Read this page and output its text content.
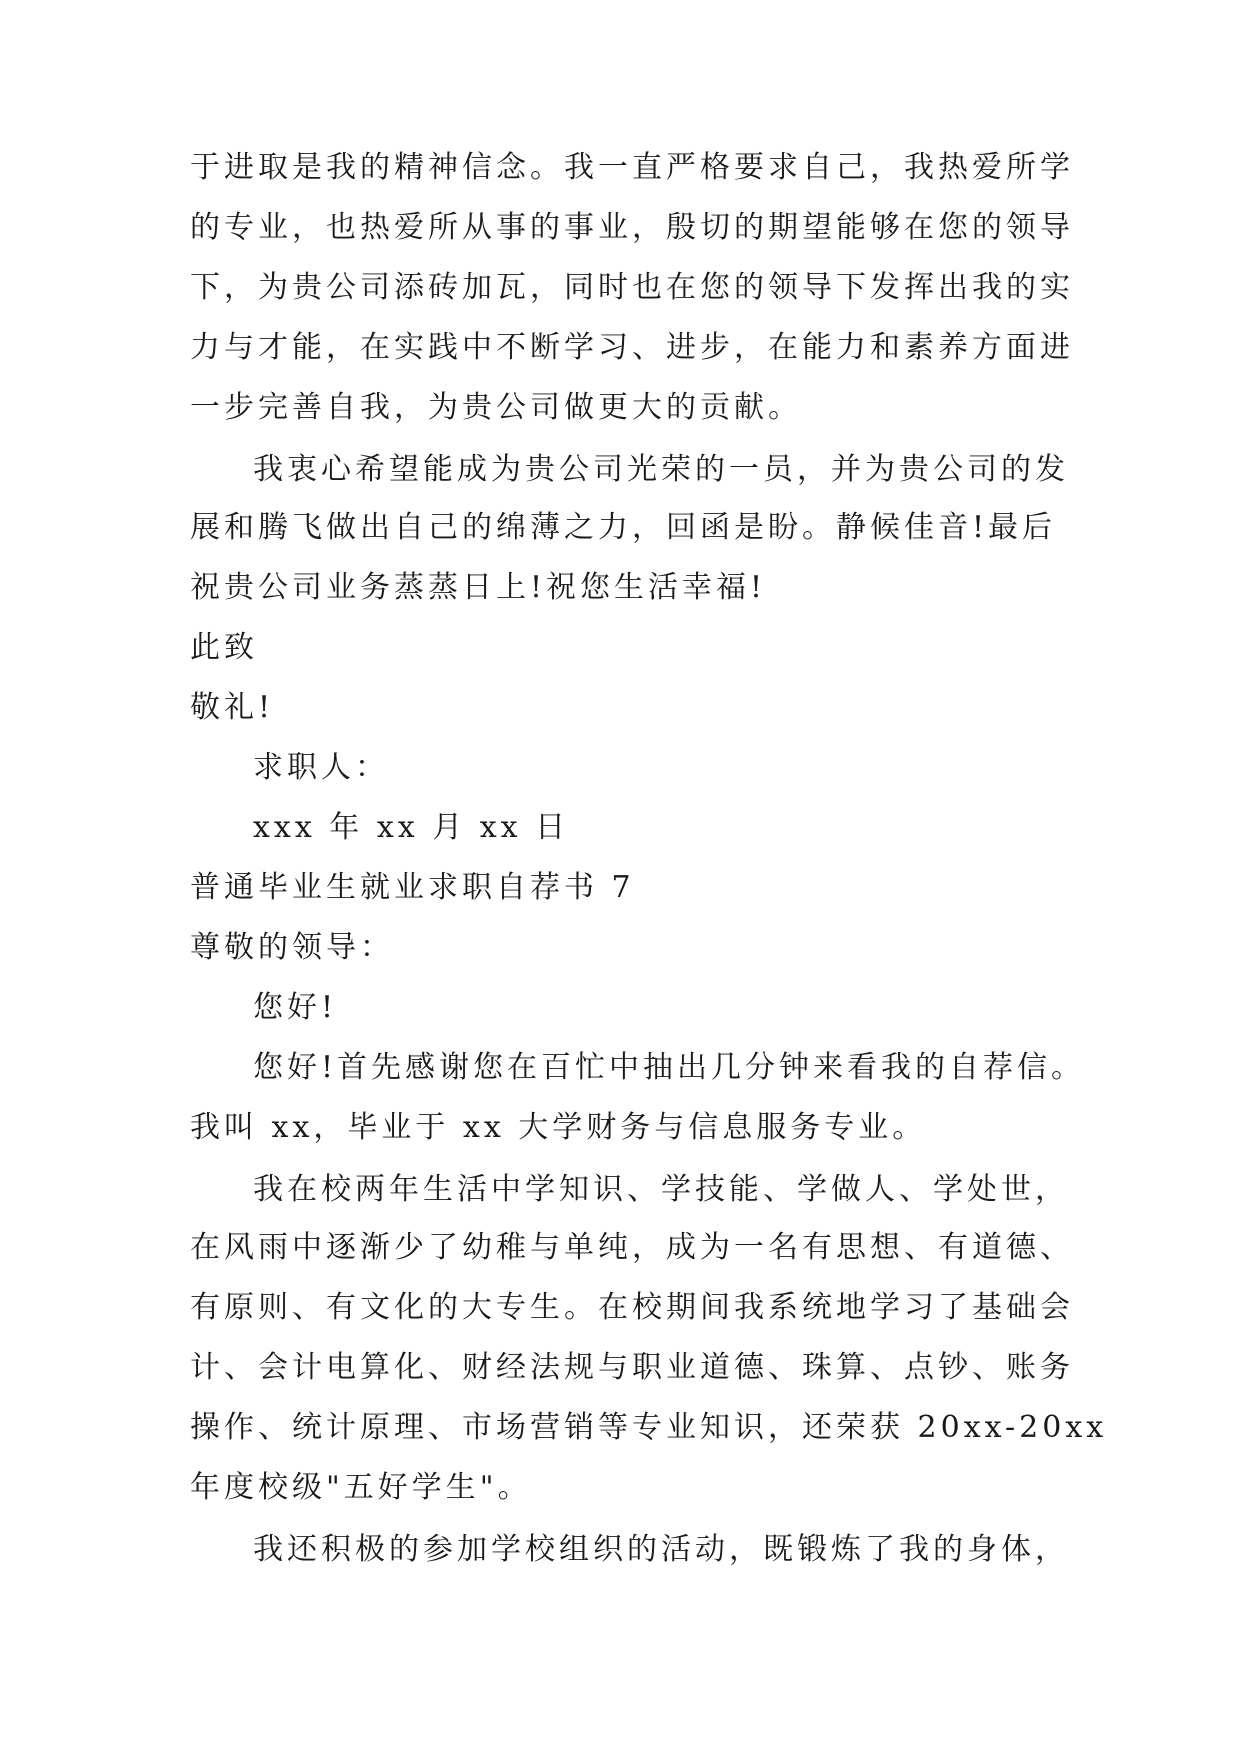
于进取是我的精神信念。我一直严格要求自己，我热爱所学
的专业，也热爱所从事的事业，殷切的期望能够在您的领导
下，为贵公司添砖加瓦，同时也在您的领导下发挥出我的实
力与才能，在实践中不断学习、进步，在能力和素养方面进
一步完善自我，为贵公司做更大的贡献。
我衷心希望能成为贵公司光荣的一员，并为贵公司的发
展和腾飞做出自己的绵薄之力，回函是盼。静候佳音!最后
祝贵公司业务蒸蒸日上!祝您生活幸福!
此致
敬礼!
求职人：
xxx 年 xx 月 xx 日
普通毕业生就业求职自荐书 7
尊敬的领导：
您好!
您好!首先感谢您在百忙中抽出几分钟来看我的自荐信。
我叫 xx，毕业于 xx 大学财务与信息服务专业。
我在校两年生活中学知识、学技能、学做人、学处世，
在风雨中逐渐少了幼稚与单纯，成为一名有思想、有道德、
有原则、有文化的大专生。在校期间我系统地学习了基础会
计、会计电算化、财经法规与职业道德、珠算、点钞、账务
操作、统计原理、市场营销等专业知识，还荣获 20xx-20xx
年度校级"五好学生"。
我还积极的参加学校组织的活动，既锻炼了我的身体，
